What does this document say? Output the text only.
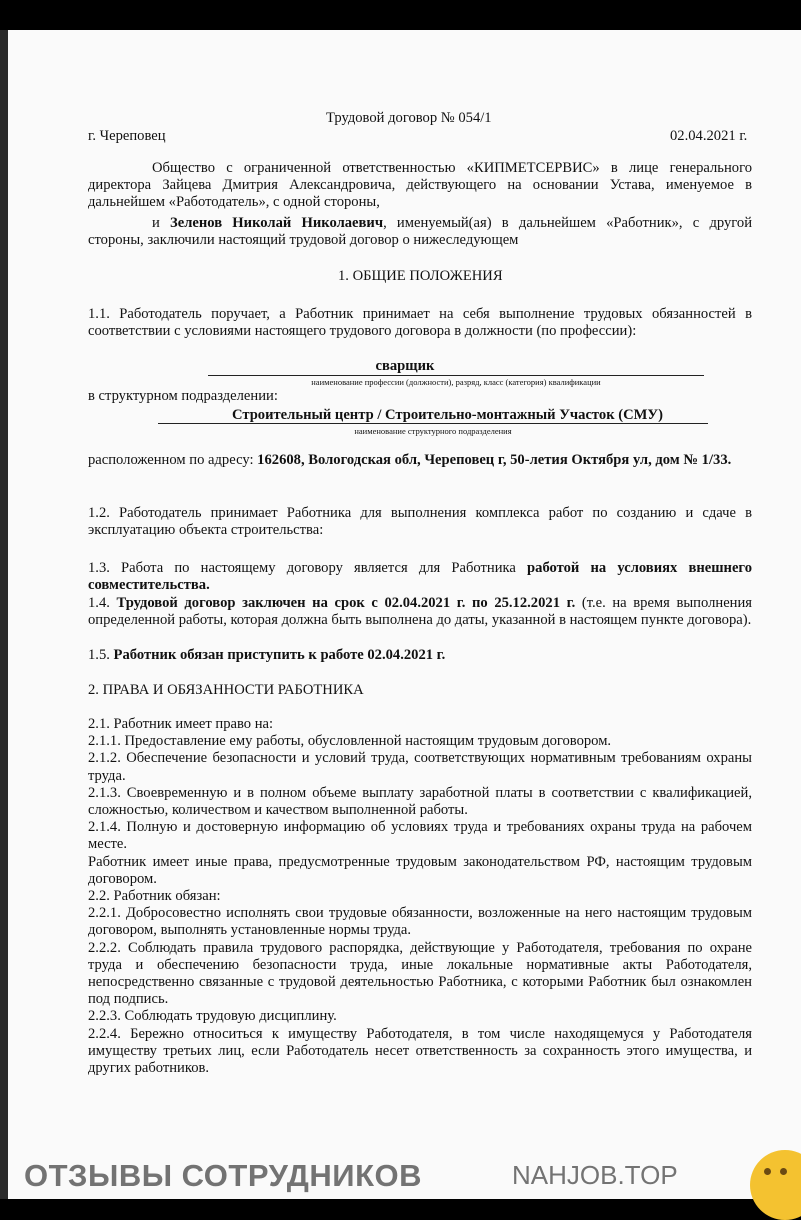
Трудовой договор № 054/1
г. Череповец	02.04.2021 г.
Общество с ограниченной ответственностью «КИПМЕТСЕРВИС» в лице генерального директора Зайцева Дмитрия Александровича, действующего на основании Устава, именуемое в дальнейшем «Работодатель», с одной стороны,
и Зеленов Николай Николаевич, именуемый(ая) в дальнейшем «Работник», с другой стороны, заключили настоящий трудовой договор о нижеследующем
1. ОБЩИЕ ПОЛОЖЕНИЯ
1.1. Работодатель поручает, а Работник принимает на себя выполнение трудовых обязанностей в соответствии с условиями настоящего трудового договора в должности (по профессии):
сварщик
наименование профессии (должности), разряд, класс (категория) квалификации
в структурном подразделении:
Строительный центр / Строительно-монтажный Участок (СМУ)
наименование структурного подразделения
расположенном по адресу: 162608, Вологодская обл, Череповец г, 50-летия Октября ул, дом № 1/33.
1.2. Работодатель принимает Работника для выполнения комплекса работ по созданию и сдаче в эксплуатацию объекта строительства:
1.3. Работа по настоящему договору является для Работника работой на условиях внешнего совместительства.
1.4. Трудовой договор заключен на срок с 02.04.2021 г. по 25.12.2021 г. (т.е. на время выполнения определенной работы, которая должна быть выполнена до даты, указанной в настоящем пункте договора).
1.5. Работник обязан приступить к работе 02.04.2021 г.
2. ПРАВА И ОБЯЗАННОСТИ РАБОТНИКА

2.1. Работник имеет право на:

2.1.1. Предоставление ему работы, обусловленной настоящим трудовым договором.

2.1.2. Обеспечение безопасности и условий труда, соответствующих нормативным требованиям охраны труда.

2.1.3. Своевременную и в полном объеме выплату заработной платы в соответствии с квалификацией, сложностью, количеством и качеством выполненной работы.

2.1.4. Полную и достоверную информацию об условиях труда и требованиях охраны труда на рабочем месте.

Работник имеет иные права, предусмотренные трудовым законодательством РФ, настоящим трудовым договором.

2.2. Работник обязан:

2.2.1. Добросовестно исполнять свои трудовые обязанности, возложенные на него настоящим трудовым договором, выполнять установленные нормы труда.

2.2.2. Соблюдать правила трудового распорядка, действующие у Работодателя, требования по охране труда и обеспечению безопасности труда, иные локальные нормативные акты Работодателя, непосредственно связанные с трудовой деятельностью Работника, с которыми Работник был ознакомлен под подпись.

2.2.3. Соблюдать трудовую дисциплину.

2.2.4. Бережно относиться к имуществу Работодателя, в том числе находящемуся у Работодателя имуществу третьих лиц, если Работодатель несет ответственность за сохранность этого имущества, и других работников.

ОТЗЫВЫ СОТРУДНИКОВ	NAHJOB.TOP
